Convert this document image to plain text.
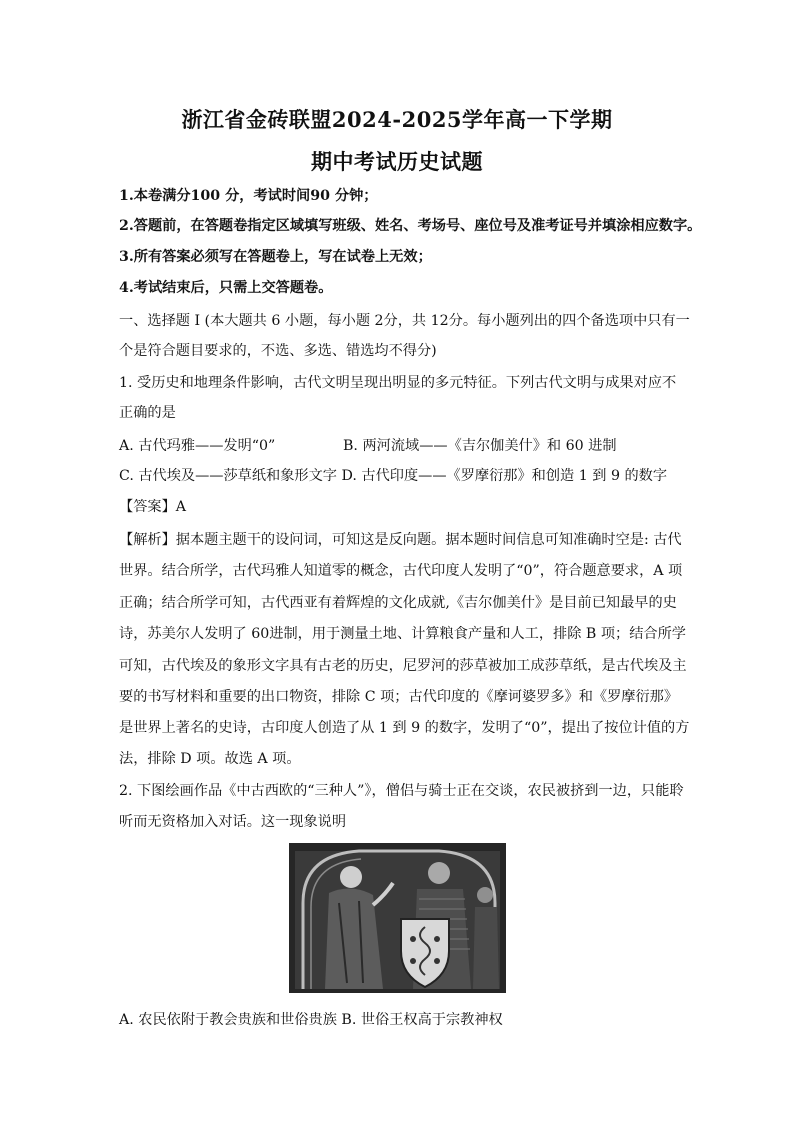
浙江省金砖联盟2024-2025学年高一下学期
期中考试历史试题
1.本卷满分100 分，考试时间90 分钟；
2.答题前，在答题卷指定区域填写班级、姓名、考场号、座位号及准考证号并填涂相应数字。
3.所有答案必须写在答题卷上，写在试卷上无效；
4.考试结束后，只需上交答题卷。
一、选择题 I (本大题共 6 小题，每小题 2分，共 12分。每小题列出的四个备选项中只有一
个是符合题目要求的，不选、多选、错选均不得分)
1. 受历史和地理条件影响，古代文明呈现出明显的多元特征。下列古代文明与成果对应不
正确的是
A. 古代玛雅——发明“0”	B. 两河流域——《吉尔伽美什》和 60 进制
C. 古代埃及——莎草纸和象形文字 D. 古代印度——《罗摩衍那》和创造 1 到 9 的数字
【答案】A
【解析】据本题主题干的设问词，可知这是反向题。据本题时间信息可知准确时空是: 古代
世界。结合所学，古代玛雅人知道零的概念，古代印度人发明了“0”，符合题意要求，A 项
正确；结合所学可知，古代西亚有着辉煌的文化成就,《吉尔伽美什》是目前已知最早的史
诗，苏美尔人发明了 60进制，用于测量土地、计算粮食产量和人工，排除 B 项；结合所学
可知，古代埃及的象形文字具有古老的历史，尼罗河的莎草被加工成莎草纸，是古代埃及主
要的书写材料和重要的出口物资，排除 C 项；古代印度的《摩诃婆罗多》和《罗摩衍那》
是世界上著名的史诗，古印度人创造了从 1 到 9 的数字，发明了“0”，提出了按位计值的方
法，排除 D 项。故选 A 项。
2. 下图绘画作品《中古西欧的“三种人”》，僧侣与骑士正在交谈，农民被挤到一边，只能聆
听而无资格加入对话。这一现象说明
A. 农民依附于教会贵族和世俗贵族 B. 世俗王权高于宗教神权
